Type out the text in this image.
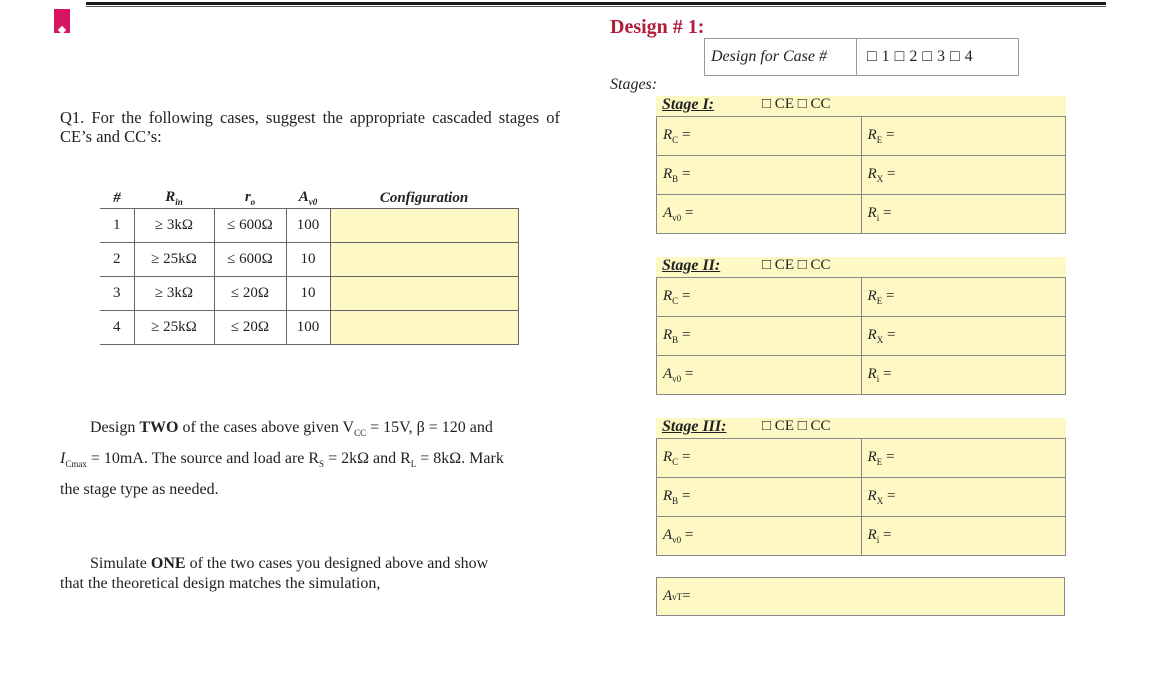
Q1. For the following cases, suggest the appropriate cascaded stages of CE’s and CC’s:
#	$R_{in}$	$r_o$	$A_{v0}$	Configuration
1	≥ 3kΩ	≤ 600Ω	100	
2	≥ 25kΩ	≤ 600Ω	10	
3	≥ 3kΩ	≤ 20Ω	10	
4	≥ 25kΩ	≤ 20Ω	100	
Design TWO of the cases above given $V_{CC} = 15V$, β = 120 and
$I_{Cmax} = 10mA$. The source and load are $R_S = 2k\Omega$ and $R_L = 8k\Omega$. Mark
the stage type as needed.
Simulate ONE of the two cases you designed above and show
that the theoretical design matches the simulation,
Design # 1:
Design for Case #	□ 1 □ 2 □ 3 □ 4
Stages:
Stage I:	□ CE □ CC
$R_C$ =	$R_E$ =
$R_B$ =	$R_X$ =
$A_{v0}$ =	$R_i$ =
Stage II:	□ CE □ CC
$R_C$ =	$R_E$ =
$R_B$ =	$R_X$ =
$A_{v0}$ =	$R_i$ =
Stage III: □ CE □ CC
$R_C$ =	$R_E$ =
$R_B$ =	$R_X$ =
$A_{v0}$ =	$R_i$ =
A vT =
